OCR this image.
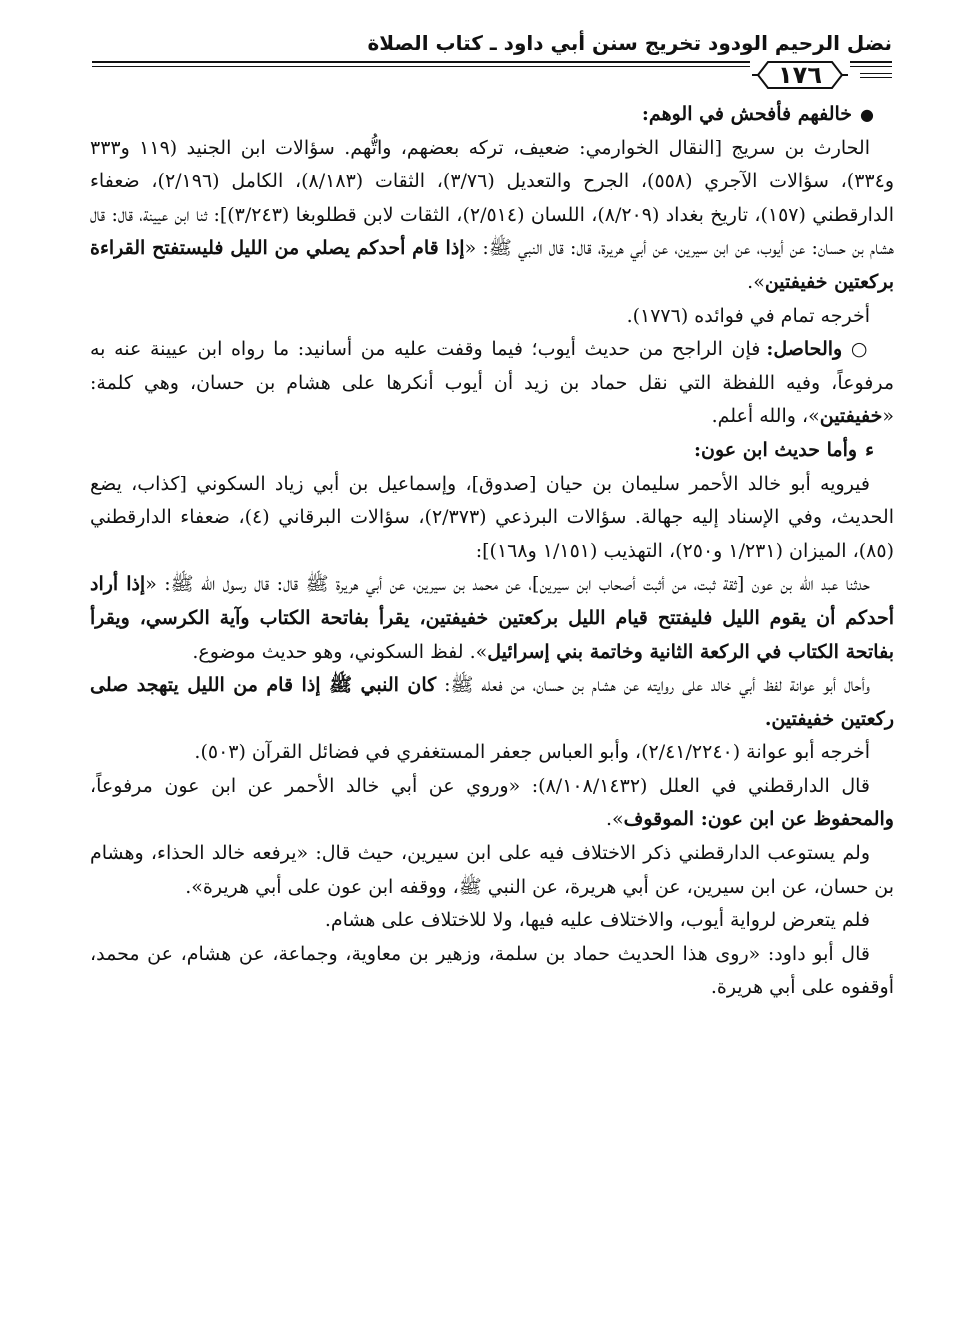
نضل الرحيم الودود تخريج سنن أبي داود ـ كتاب الصلاة
١٧٦

●
خالفهم فأفحش في الوهم:

الحارث بن سريج [النقال الخوارمي: ضعيف، تركه بعضهم، واتُّهم. سؤالات ابن الجنيد (١١٩ و٣٣٣ و٣٣٤)، سؤالات الآجري (٥٥٨)، الجرح والتعديل (٣/٧٦)، الثقات (٨/١٨٣)، الكامل (٢/١٩٦)، ضعفاء الدارقطني (١٥٧)، تاريخ بغداد (٨/٢٠٩)، اللسان (٢/٥١٤)، الثقات لابن قطلوبغا (٣/٢٤٣)]: ثنا ابن عيينة، قال: قال هشام بن حسان: عن أيوب، عن ابن سيرين، عن أبي هريرة، قال: قال النبي ﷺ: «إذا قام أحدكم يصلي من الليل فليستفتح القراءة بركعتين خفيفتين».

أخرجه تمام في فوائده (١٧٧٦).

○ والحاصل: فإن الراجح من حديث أيوب؛ فيما وقفت عليه من أسانيد: ما رواه ابن عيينة عنه به مرفوعاً، وفيه اللفظة التي نقل حماد بن زيد أن أيوب أنكرها على هشام بن حسان، وهي كلمة: «خفيفتين»، والله أعلم.

ء
وأما حديث ابن عون:

فيرويه أبو خالد الأحمر سليمان بن حيان [صدوق]، وإسماعيل بن أبي زياد السكوني [كذاب، يضع الحديث، وفي الإسناد إليه جهالة. سؤالات البرذعي (٢/٣٧٣)، سؤالات البرقاني (٤)، ضعفاء الدارقطني (٨٥)، الميزان (١/٢٣١ و٢٥٠)، التهذيب (١/١٥١ و١٦٨)]:

حدثنا عبد الله بن عون [ثقة ثبت، من أثبت أصحاب ابن سيرين]، عن محمد بن سيرين، عن أبي هريرة ﷺ قال: قال رسول الله ﷺ: «إذا أراد أحدكم أن يقوم الليل فليفتتح قيام الليل بركعتين خفيفتين، يقرأ بفاتحة الكتاب وآية الكرسي، ويقرأ بفاتحة الكتاب في الركعة الثانية وخاتمة بني إسرائيل». لفظ السكوني، وهو حديث موضوع.

وأحال أبو عوانة لفظ أبي خالد على روايته عن هشام بن حسان، من فعله ﷺ: كان النبي ﷺ إذا قام من الليل يتهجد صلى ركعتين خفيفتين.

أخرجه أبو عوانة (٢/٤١/٢٢٤٠)، وأبو العباس جعفر المستغفري في فضائل القرآن (٥٠٣).

قال الدارقطني في العلل (٨/١٠٨/١٤٣٢): «وروي عن أبي خالد الأحمر عن ابن عون مرفوعاً، والمحفوظ عن ابن عون: الموقوف».

ولم يستوعب الدارقطني ذكر الاختلاف فيه على ابن سيرين، حيث قال: «يرفعه خالد الحذاء، وهشام بن حسان، عن ابن سيرين، عن أبي هريرة، عن النبي ﷺ، ووقفه ابن عون على أبي هريرة».

فلم يتعرض لرواية أيوب، والاختلاف عليه فيها، ولا للاختلاف على هشام.

قال أبو داود: «روى هذا الحديث حماد بن سلمة، وزهير بن معاوية، وجماعة، عن هشام، عن محمد، أوقفوه على أبي هريرة.
